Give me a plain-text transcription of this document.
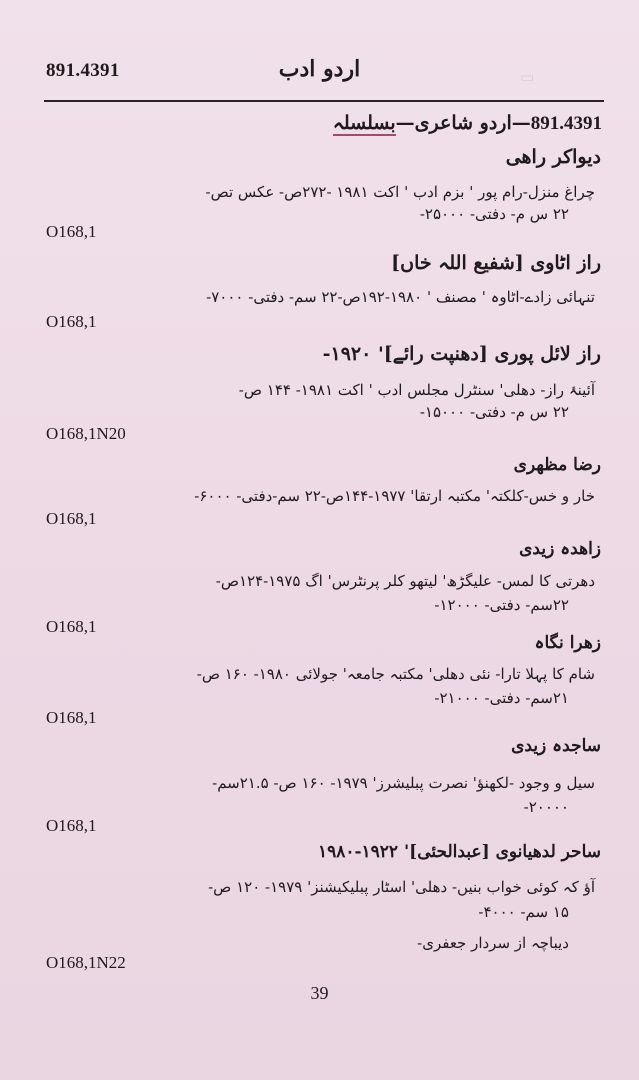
▭
891.4391	اردو ادب
891.4391—اردو شاعری—بسلسلہ
دیواکر راھی
چراغ منزل-رام پور ' بزم ادب ' اکت ۱۹۸۱ -۲۷۲ص- عکس تص-
۲۲ س م- دفتی- ۲۵۰۰۰-
O168,1
راز اٹاوی [شفیع اللہ خاں]
تنہائی زادے-اٹاوہ ' مصنف ' ۱۹۸۰-۱۹۲ص-۲۲ سم- دفتی- ۷۰۰۰-
O168,1
راز لائل پوری [دھنپت رائے]' ۱۹۲۰-
آئینۂ راز- دھلی' سنٹرل مجلس ادب ' اکت ۱۹۸۱- ۱۴۴ ص-
۲۲ س م- دفتی- ۱۵۰۰۰-
O168,1N20
رضا مظھری
خار و خس-کلکتہ' مکتبہ ارتقا' ۱۹۷۷-۱۴۴ص-۲۲ سم-دفتی- ۶۰۰۰-
O168,1
زاھدہ زیدی
دھرتی کا لمس- علیگڑھ' لیتھو کلر پرنٹرس' اگ ۱۹۷۵-۱۲۴ص-
۲۲سم- دفتی- ۱۲۰۰۰-
O168,1
زھرا نگاہ
شام کا پہلا تارا- نئی دھلی' مکتبہ جامعہ' جولائی ۱۹۸۰- ۱۶۰ ص-
۲۱سم- دفتی- ۲۱۰۰۰-
O168,1
ساجدہ زیدی
سیل و وجود -لکھنؤ' نصرت پبلیشرز' ۱۹۷۹- ۱۶۰ ص- ۲۱.۵سم-
۲۰۰۰۰-
O168,1
ساحر لدھیانوی [عبدالحئی]' ۱۹۲۲-۱۹۸۰
آؤ کہ کوئی خواب بنیں- دھلی' اسٹار پبلیکیشنز' ۱۹۷۹- ۱۲۰ ص-
۱۵ سم- ۴۰۰۰-
دیباچہ از سردار جعفری-
O168,1N22
39
